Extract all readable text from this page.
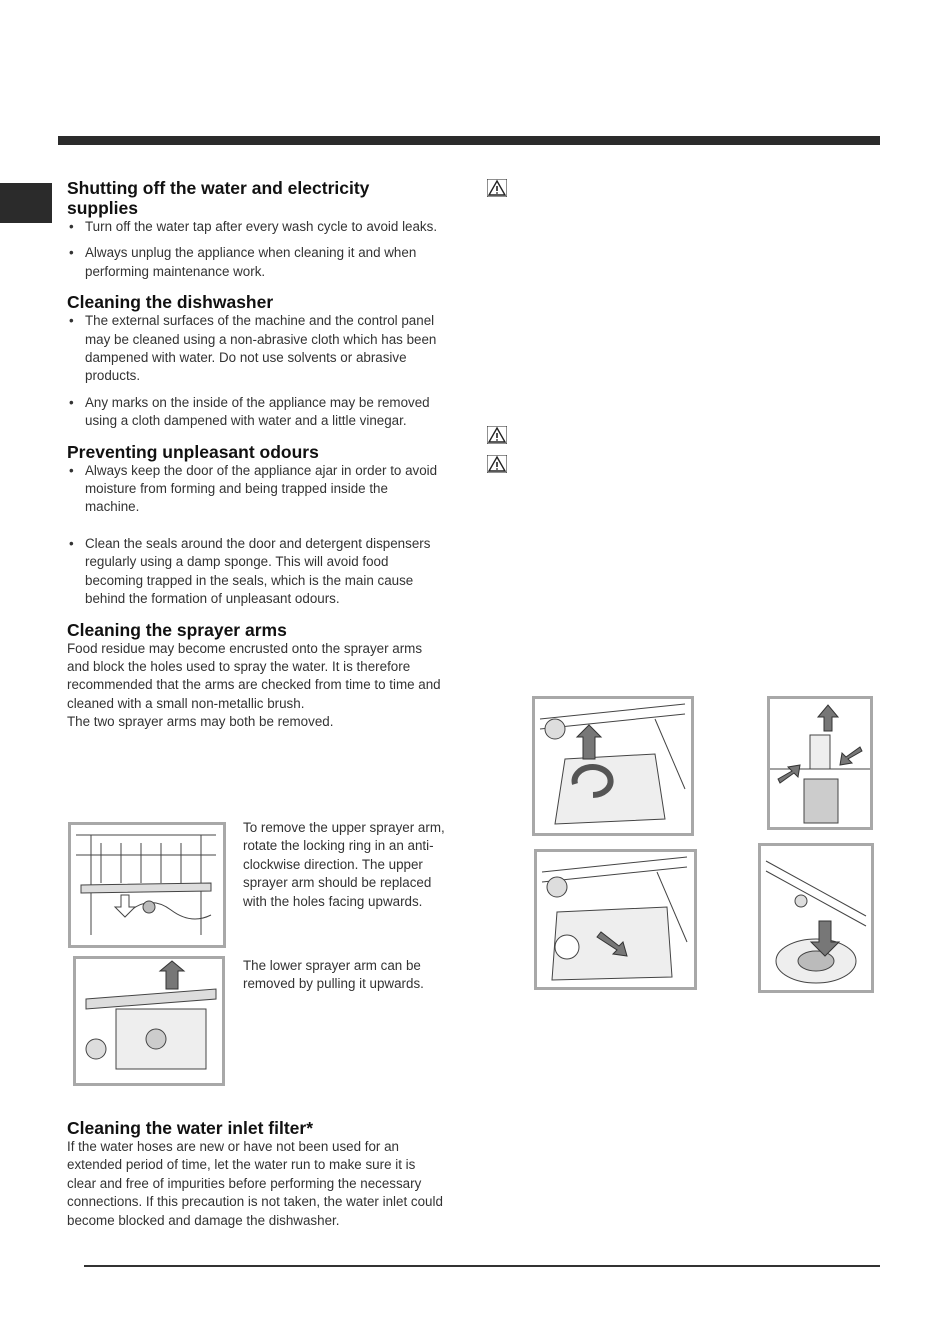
Shutting off the water and electricity supplies
• Turn off the water tap after every wash cycle to avoid leaks.
• Always unplug the appliance when cleaning it and when performing maintenance work.
Cleaning the dishwasher
• The external surfaces of the machine and the control panel may be cleaned using a non-abrasive cloth which has been dampened with water. Do not use solvents or abrasive products.
• Any marks on the inside of the appliance may be removed using a cloth dampened with water and a little vinegar.
Preventing unpleasant odours
• Always keep the door of the appliance ajar in order to avoid moisture from forming and being trapped inside the machine.
• Clean the seals around the door and detergent dispensers regularly using a damp sponge. This will avoid food becoming trapped in the seals, which is the main cause behind the formation of unpleasant odours.
Cleaning the sprayer arms

Food residue may become encrusted onto the sprayer arms and block the holes used to spray the water. It is therefore recommended that the arms are checked from time to time and cleaned with a small non-metallic brush.

The two sprayer arms may both be removed.

To remove the upper sprayer arm, rotate the locking ring in an anti-clockwise direction. The upper sprayer arm should be replaced with the holes facing upwards.
The lower sprayer arm can be removed by pulling it upwards.
Cleaning the water inlet filter*

If the water hoses are new or have not been used for an extended period of time, let the water run to make sure it is clear and free of impurities before performing the necessary connections. If this precaution is not taken, the water inlet could become blocked and damage the dishwasher.
